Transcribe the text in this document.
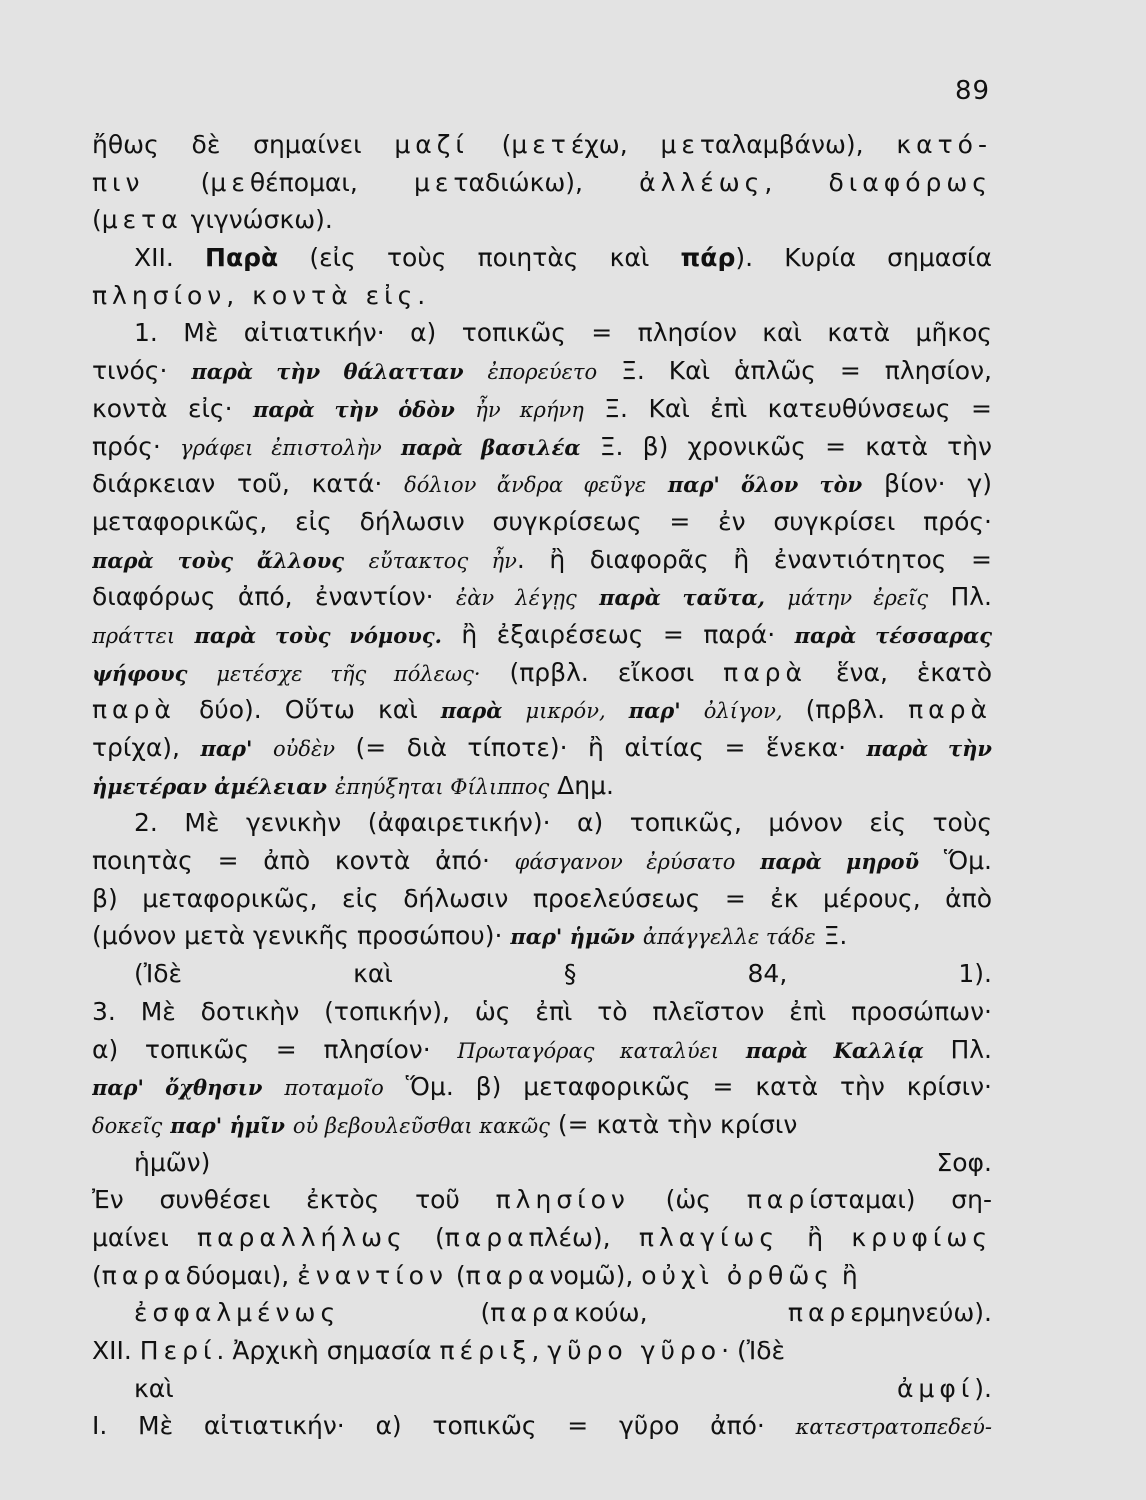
89
ἤθως δὲ σημαίνει μαζί (μετέχω, μεταλαμβάνω), κατό-
πιν (μεθέπομαι, μεταδιώκω), ἀλλέως, διαφόρως
(μετα γιγνώσκω).
XII. Παρὰ (εἰς τοὺς ποιητὰς καὶ πάρ). Κυρία σημασία
πλησίον, κοντὰ εἰς.
1. Μὲ αἰτιατικήν· α) τοπικῶς = πλησίον καὶ κατὰ μῆκος
τινός· παρὰ τὴν θάλατταν ἐπορεύετο Ξ. Καὶ ἁπλῶς = πλησίον,
κοντὰ εἰς· παρὰ τὴν ὁδὸν ἦν κρήνη Ξ. Καὶ ἐπὶ κατευθύνσεως =
πρός· γράφει ἐπιστολὴν παρὰ βασιλέα Ξ. β) χρονικῶς = κατὰ τὴν
διάρκειαν τοῦ, κατά· δόλιον ἄνδρα φεῦγε παρ' ὅλον τὸν βίον· γ)
μεταφορικῶς, εἰς δήλωσιν συγκρίσεως = ἐν συγκρίσει πρός·
παρὰ τοὺς ἄλλους εὔτακτος ἦν. ἢ διαφορᾶς ἢ ἐναντιότητος =
διαφόρως ἀπό, ἐναντίον· ἐὰν λέγῃς παρὰ ταῦτα, μάτην ἐρεῖς Πλ.
πράττει παρὰ τοὺς νόμους. ἢ ἐξαιρέσεως = παρά· παρὰ τέσσαρας
ψήφους μετέσχε τῆς πόλεως· (πρβλ. εἴκοσι παρὰ ἕνα, ἑκατὸ
παρὰ δύο). Οὕτω καὶ παρὰ μικρόν, παρ' ὀλίγον, (πρβλ. παρὰ
τρίχα), παρ' οὐδὲν (= διὰ τίποτε)· ἢ αἰτίας = ἕνεκα· παρὰ τὴν
ἡμετέραν ἀμέλειαν ἐπηύξηται Φίλιππος Δημ.
2. Μὲ γενικὴν (ἀφαιρετικήν)· α) τοπικῶς, μόνον εἰς τοὺς
ποιητὰς = ἀπὸ κοντὰ ἀπό· φάσγανον ἐρύσατο παρὰ μηροῦ Ὅμ.
β) μεταφορικῶς, εἰς δήλωσιν προελεύσεως = ἐκ μέρους, ἀπὸ
(μόνον μετὰ γενικῆς προσώπου)· παρ' ἡμῶν ἀπάγγελλε τάδε Ξ.
(Ἰδὲ καὶ § 84, 1).
3. Μὲ δοτικὴν (τοπικήν), ὡς ἐπὶ τὸ πλεῖστον ἐπὶ προσώπων·
α) τοπικῶς = πλησίον· Πρωταγόρας καταλύει παρὰ Καλλίᾳ Πλ.
παρ' ὄχθησιν ποταμοῖο Ὅμ. β) μεταφορικῶς = κατὰ τὴν κρίσιν·
δοκεῖς παρ' ἡμῖν οὐ βεβουλεῦσθαι κακῶς (= κατὰ τὴν κρίσιν
ἡμῶν) Σοφ.
Ἐν συνθέσει ἐκτὸς τοῦ πλησίον (ὡς παρίσταμαι) ση-
μαίνει παραλλήλως (παραπλέω), πλαγίως ἢ κρυφίως
(παραδύομαι), ἐναντίον (παρανομῶ), οὐχὶ ὀρθῶς ἢ
ἐσφαλμένως (παρακούω, παρερμηνεύω).
XII. Περί. Ἀρχικὴ σημασία πέριξ, γῦρο γῦρο· (Ἰδὲ
καὶ ἀμφί).
I. Μὲ αἰτιατικήν· α) τοπικῶς = γῦρο ἀπό· κατεστρατοπεδεύ-
